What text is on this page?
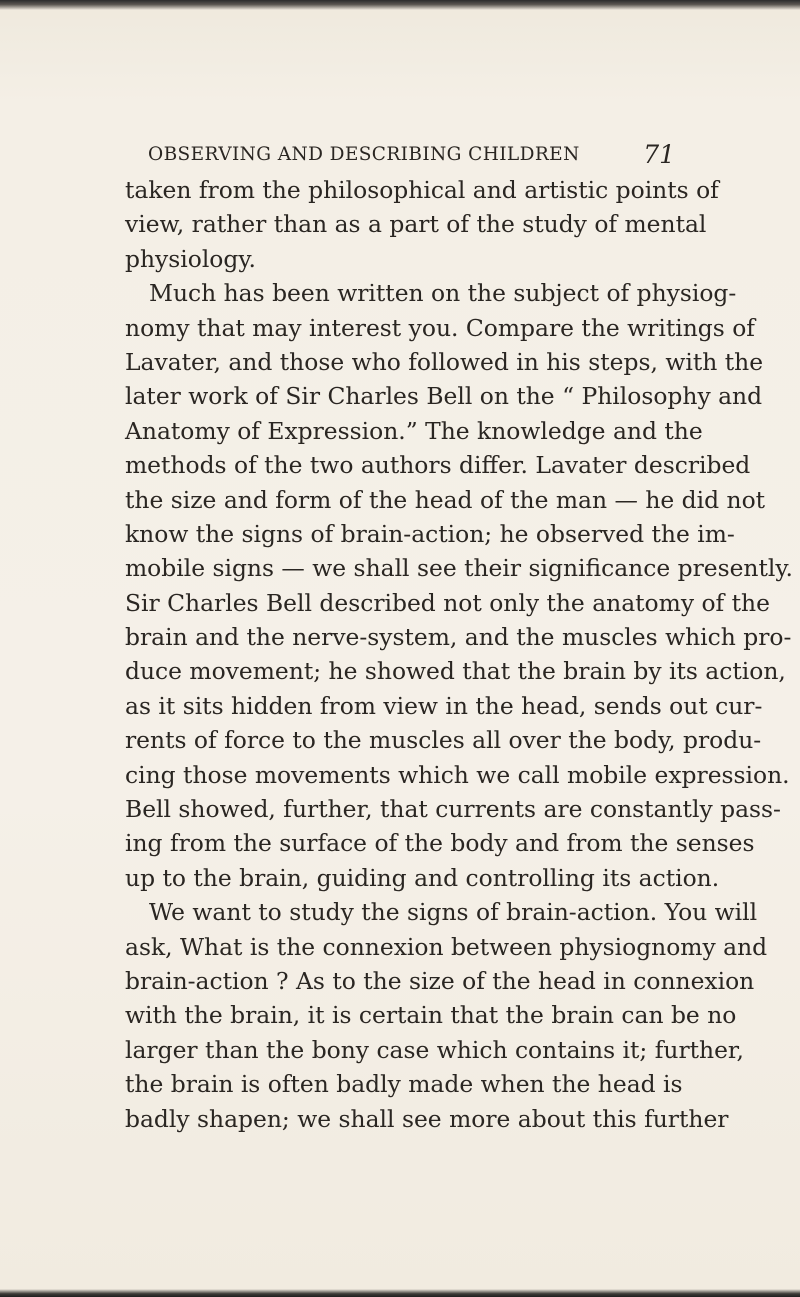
OBSERVING AND DESCRIBING CHILDREN	71
taken from the philosophical and artistic points of
view, rather than as a part of the study of mental
physiology.
Much has been written on the subject of physiog-
nomy that may interest you. Compare the writings of
Lavater, and those who followed in his steps, with the
later work of Sir Charles Bell on the “ Philosophy and
Anatomy of Expression.” The knowledge and the
methods of the two authors differ. Lavater described
the size and form of the head of the man — he did not
know the signs of brain-action; he observed the im-
mobile signs — we shall see their significance presently.
Sir Charles Bell described not only the anatomy of the
brain and the nerve-system, and the muscles which pro-
duce movement; he showed that the brain by its action,
as it sits hidden from view in the head, sends out cur-
rents of force to the muscles all over the body, produ-
cing those movements which we call mobile expression.
Bell showed, further, that currents are constantly pass-
ing from the surface of the body and from the senses
up to the brain, guiding and controlling its action.
We want to study the signs of brain-action. You will
ask, What is the connexion between physiognomy and
brain-action ? As to the size of the head in connexion
with the brain, it is certain that the brain can be no
larger than the bony case which contains it; further,
the brain is often badly made when the head is
badly shapen; we shall see more about this further
